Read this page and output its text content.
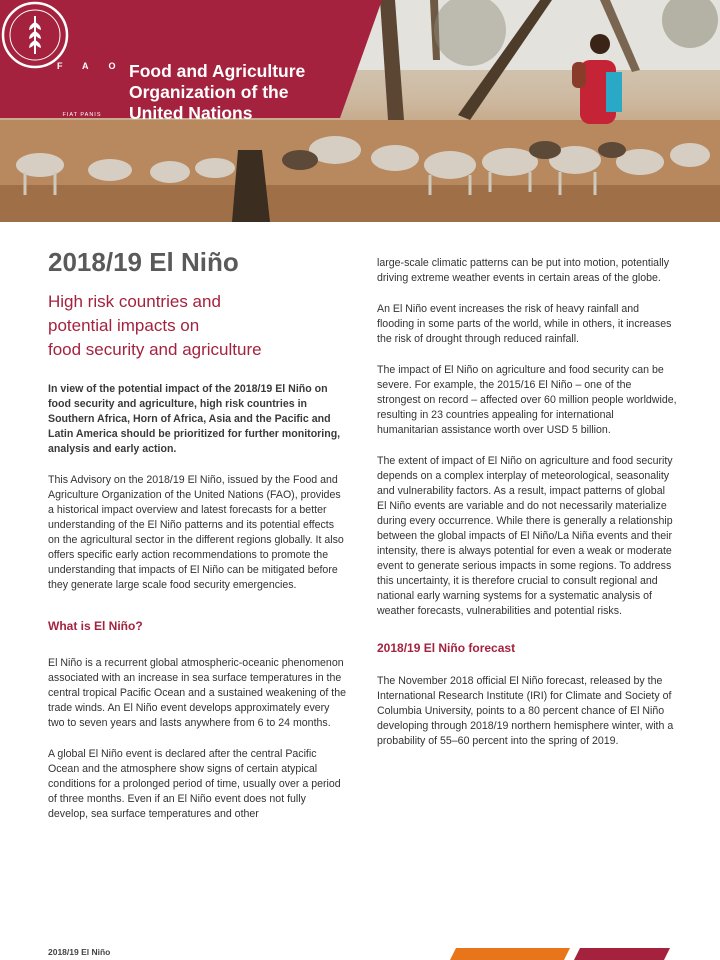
FAO
FIAT PANIS
Food and Agriculture
Organization of the
United Nations
2018/19 El Niño
High risk countries and
potential impacts on
food security and agriculture

In view of the potential impact of the 2018/19 El Niño on food security and agriculture, high risk countries in Southern Africa, Horn of Africa, Asia and the Pacific and Latin America should be prioritized for further monitoring, analysis and early action.

This Advisory on the 2018/19 El Niño, issued by the Food and Agriculture Organization of the United Nations (FAO), provides a historical impact overview and latest forecasts for a better understanding of the El Niño patterns and its potential effects on the agricultural sector in the different regions globally. It also offers specific early action recommendations to promote the understanding that impacts of El Niño can be mitigated before they generate large scale food security emergencies.

What is El Niño?

El Niño is a recurrent global atmospheric-oceanic phenomenon associated with an increase in sea surface temperatures in the central tropical Pacific Ocean and a sustained weakening of the trade winds. An El Niño event develops approximately every two to seven years and lasts anywhere from 6 to 24 months.

A global El Niño event is declared after the central Pacific Ocean and the atmosphere show signs of certain atypical conditions for a prolonged period of time, usually over a period of three months. Even if an El Niño event does not fully develop, sea surface temperatures and other

large-scale climatic patterns can be put into motion, potentially driving extreme weather events in certain areas of the globe.

An El Niño event increases the risk of heavy rainfall and flooding in some parts of the world, while in others, it increases the risk of drought through reduced rainfall.

The impact of El Niño on agriculture and food security can be severe. For example, the 2015/16 El Niño – one of the strongest on record – affected over 60 million people worldwide, resulting in 23 countries appealing for international humanitarian assistance worth over USD 5 billion.

The extent of impact of El Niño on agriculture and food security depends on a complex interplay of meteorological, seasonality and vulnerability factors. As a result, impact patterns of global El Niño events are variable and do not necessarily materialize during every occurrence. While there is generally a relationship between the global impacts of El Niño/La Niña events and their intensity, there is always potential for even a weak or moderate event to generate serious impacts in some regions. To address this uncertainty, it is therefore crucial to consult regional and national early warning systems for a systematic analysis of weather forecasts, vulnerabilities and potential risks.

2018/19 El Niño forecast

The November 2018 official El Niño forecast, released by the International Research Institute (IRI) for Climate and Society of Columbia University, points to a 80 percent chance of El Niño developing through 2018/19 northern hemisphere winter, with a probability of 55–60 percent into the spring of 2019.

2018/19 El Niño
